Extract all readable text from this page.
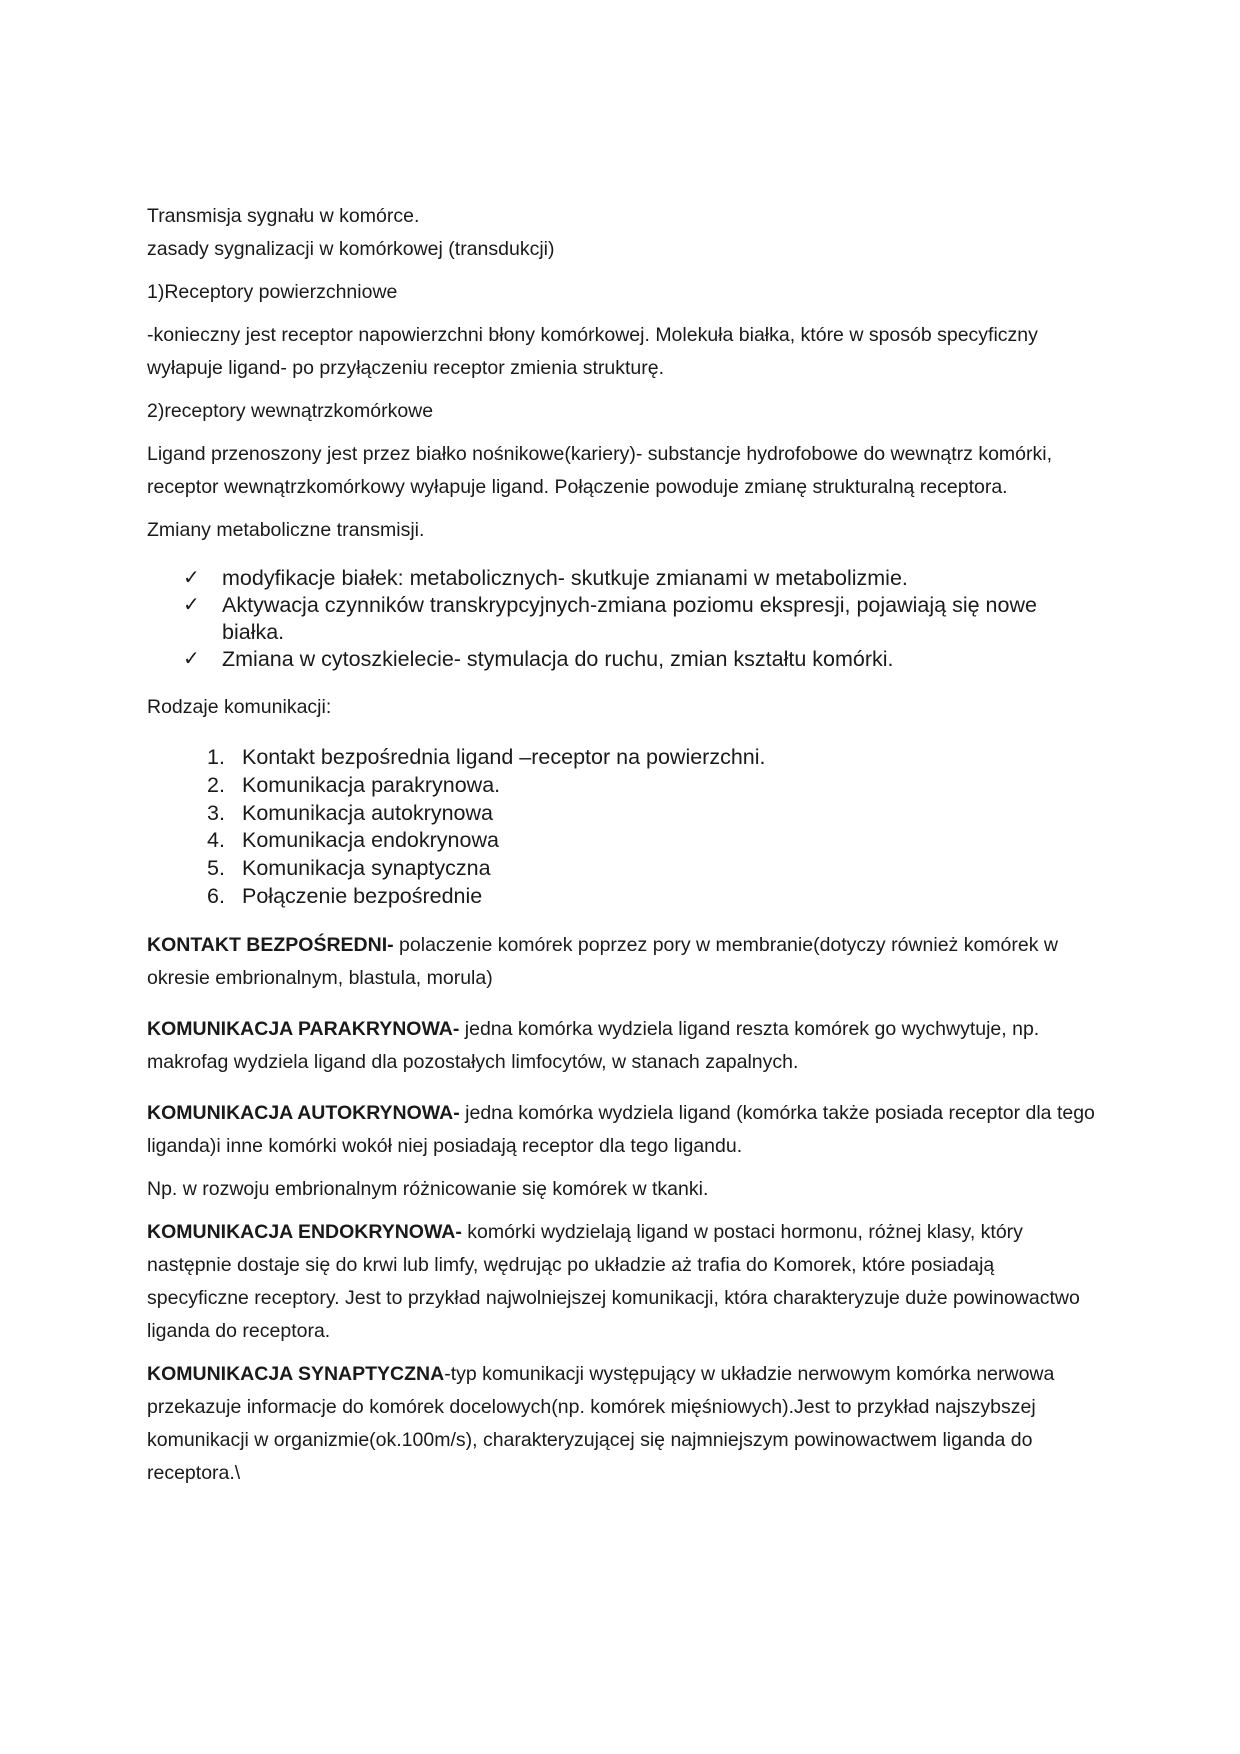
Transmisja sygnału w komórce.

zasady sygnalizacji w komórkowej (transdukcji)

1)Receptory powierzchniowe

-konieczny jest receptor napowierzchni błony komórkowej. Molekuła białka, które w sposób specyficzny wyłapuje ligand- po przyłączeniu receptor zmienia strukturę.

2)receptory wewnątrzkomórkowe

Ligand przenoszony jest przez białko nośnikowe(kariery)- substancje hydrofobowe do wewnątrz komórki, receptor wewnątrzkomórkowy wyłapuje ligand. Połączenie powoduje zmianę strukturalną receptora.

Zmiany metaboliczne transmisji.

✓ modyfikacje białek: metabolicznych- skutkuje zmianami w metabolizmie.
✓ Aktywacja czynników transkrypcyjnych-zmiana poziomu ekspresji, pojawiają się nowe białka.
✓ Zmiana w cytoszkielecie- stymulacja do ruchu, zmian kształtu komórki.

Rodzaje komunikacji:

1. Kontakt bezpośrednia ligand –receptor na powierzchni.
2. Komunikacja parakrynowa.
3. Komunikacja autokrynowa
4. Komunikacja endokrynowa
5. Komunikacja synaptyczna
6. Połączenie bezpośrednie

KONTAKT BEZPOŚREDNI- polaczenie komórek poprzez pory w membranie(dotyczy również komórek w okresie embrionalnym, blastula, morula)

KOMUNIKACJA PARAKRYNOWA- jedna komórka wydziela ligand reszta komórek go wychwytuje, np. makrofag wydziela ligand dla pozostałych limfocytów, w stanach zapalnych.

KOMUNIKACJA AUTOKRYNOWA- jedna komórka wydziela ligand (komórka także posiada receptor dla tego liganda)i inne komórki wokół niej posiadają receptor dla tego ligandu.

Np. w rozwoju embrionalnym różnicowanie się komórek w tkanki.

KOMUNIKACJA ENDOKRYNOWA- komórki wydzielają ligand w postaci hormonu, różnej klasy, który następnie dostaje się do krwi lub limfy, wędrując po układzie aż trafia do Komorek, które posiadają specyficzne receptory. Jest to przykład najwolniejszej komunikacji, która charakteryzuje duże powinowactwo liganda do receptora.

KOMUNIKACJA SYNAPTYCZNA-typ komunikacji występujący w układzie nerwowym komórka nerwowa przekazuje informacje do komórek docelowych(np. komórek mięśniowych).Jest to przykład najszybszej komunikacji w organizmie(ok.100m/s), charakteryzującej się najmniejszym powinowactwem liganda do receptora.\
